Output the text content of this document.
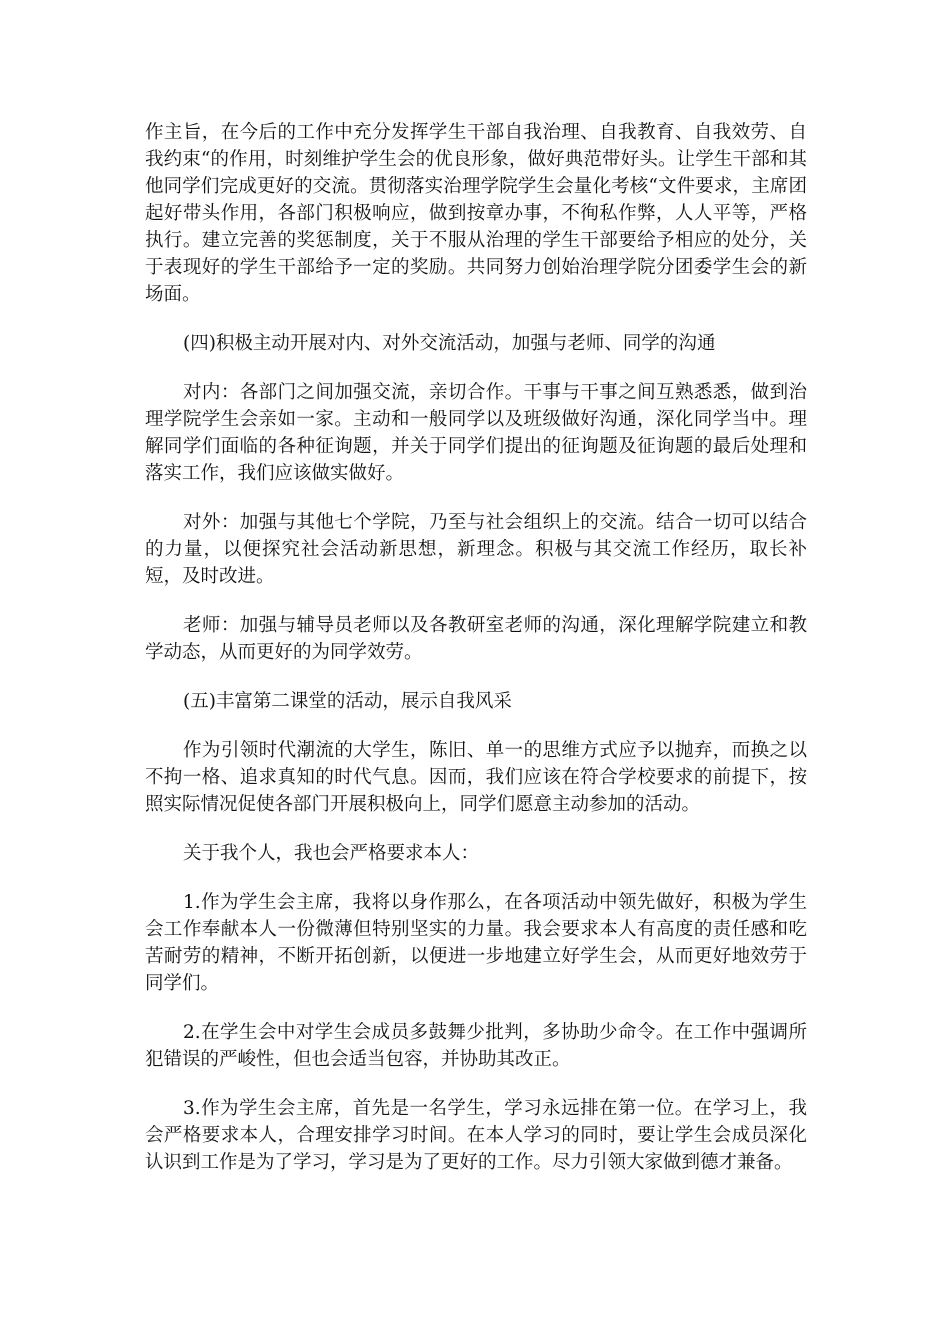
作主旨，在今后的工作中充分发挥学生干部自我治理、自我教育、自我效劳、自我约束“的作用，时刻维护学生会的优良形象，做好典范带好头。让学生干部和其他同学们完成更好的交流。贯彻落实治理学院学生会量化考核“文件要求，主席团起好带头作用，各部门积极响应，做到按章办事，不徇私作弊，人人平等，严格执行。建立完善的奖惩制度，关于不服从治理的学生干部要给予相应的处分，关于表现好的学生干部给予一定的奖励。共同努力创始治理学院分团委学生会的新场面。

(四)积极主动开展对内、对外交流活动，加强与老师、同学的沟通

对内：各部门之间加强交流，亲切合作。干事与干事之间互熟悉悉，做到治理学院学生会亲如一家。主动和一般同学以及班级做好沟通，深化同学当中。理解同学们面临的各种征询题，并关于同学们提出的征询题及征询题的最后处理和落实工作，我们应该做实做好。

对外：加强与其他七个学院，乃至与社会组织上的交流。结合一切可以结合的力量，以便探究社会活动新思想，新理念。积极与其交流工作经历，取长补短，及时改进。

老师：加强与辅导员老师以及各教研室老师的沟通，深化理解学院建立和教学动态，从而更好的为同学效劳。

(五)丰富第二课堂的活动，展示自我风采

作为引领时代潮流的大学生，陈旧、单一的思维方式应予以抛弃，而换之以不拘一格、追求真知的时代气息。因而，我们应该在符合学校要求的前提下，按照实际情况促使各部门开展积极向上，同学们愿意主动参加的活动。

关于我个人，我也会严格要求本人：

1.作为学生会主席，我将以身作那么，在各项活动中领先做好，积极为学生会工作奉献本人一份微薄但特别坚实的力量。我会要求本人有高度的责任感和吃苦耐劳的精神，不断开拓创新，以便进一步地建立好学生会，从而更好地效劳于同学们。

2.在学生会中对学生会成员多鼓舞少批判，多协助少命令。在工作中强调所犯错误的严峻性，但也会适当包容，并协助其改正。

3.作为学生会主席，首先是一名学生，学习永远排在第一位。在学习上，我会严格要求本人，合理安排学习时间。在本人学习的同时，要让学生会成员深化认识到工作是为了学习，学习是为了更好的工作。尽力引领大家做到德才兼备。
